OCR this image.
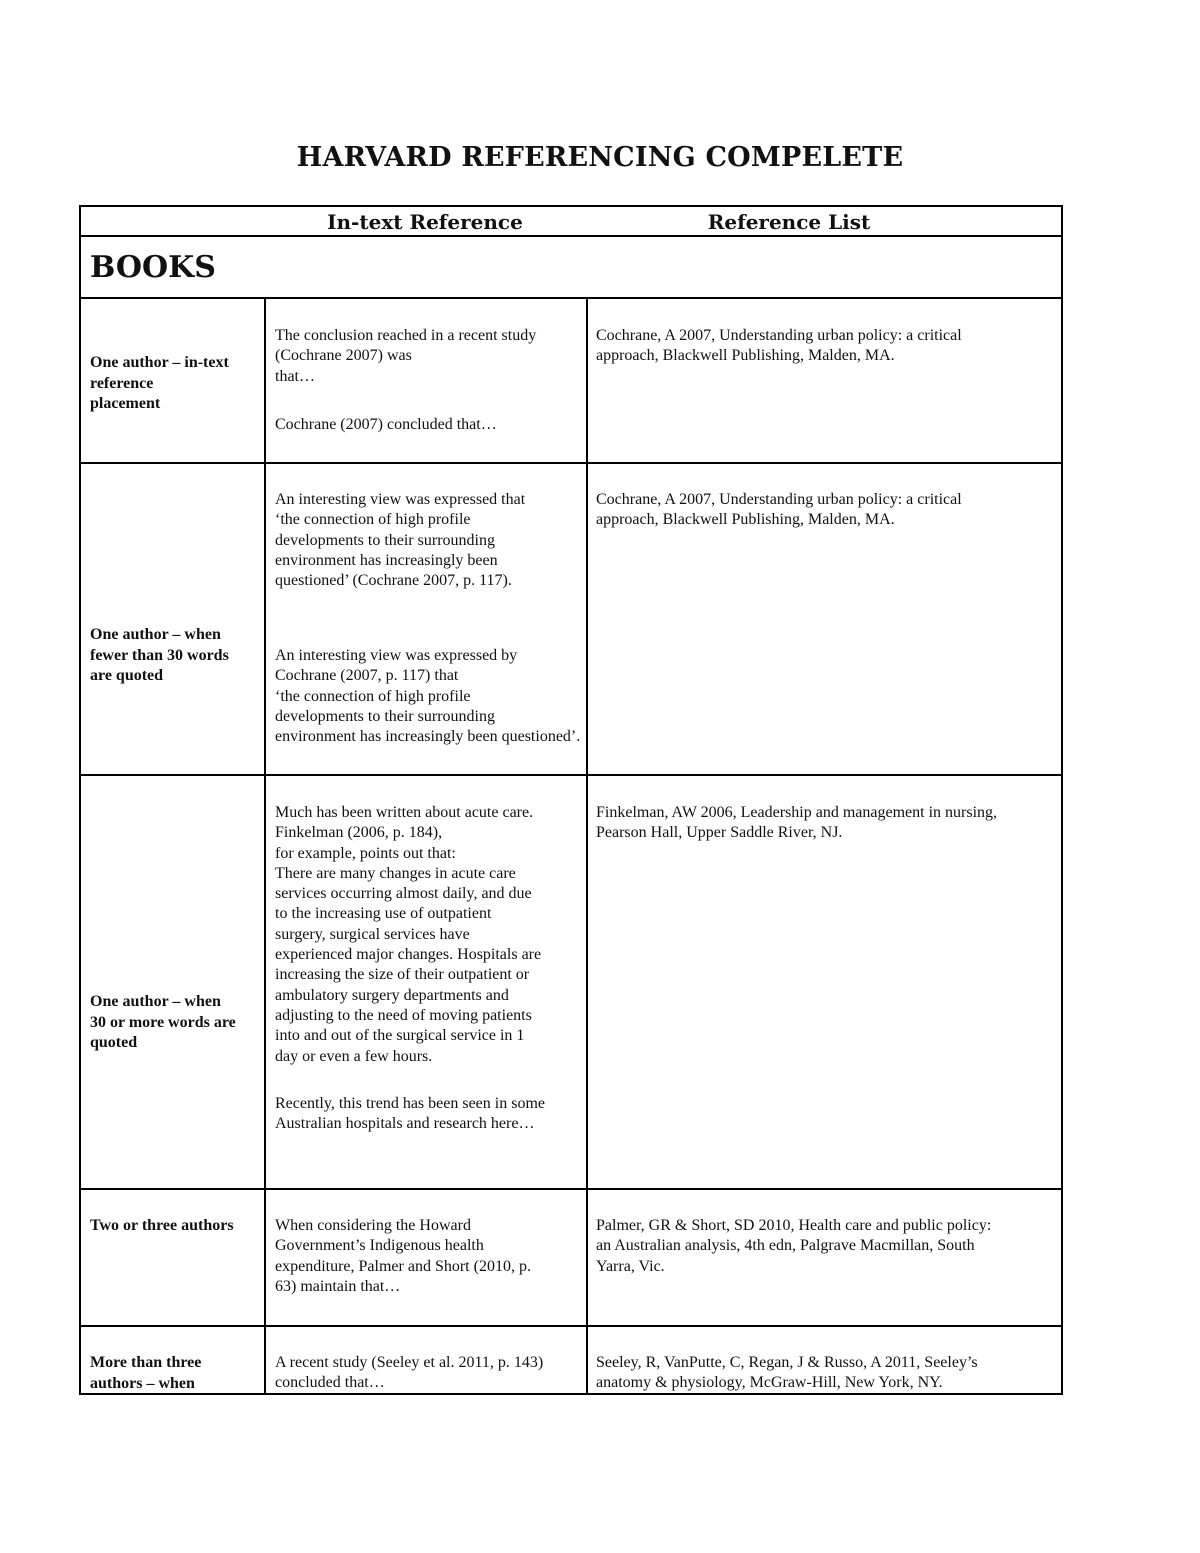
HARVARD REFERENCING COMPELETE
In-text Reference	Reference List
BOOKS
One author – in-text
reference
placement
The conclusion reached in a recent study
(Cochrane 2007) was
that…
Cochrane (2007) concluded that…
Cochrane, A 2007, Understanding urban policy: a critical
approach, Blackwell Publishing, Malden, MA.
One author – when
fewer than 30 words
are quoted
An interesting view was expressed that
‘the connection of high profile
developments to their surrounding
environment has increasingly been
questioned’ (Cochrane 2007, p. 117).
An interesting view was expressed by
Cochrane (2007, p. 117) that
‘the connection of high profile
developments to their surrounding
environment has increasingly been questioned’.
Cochrane, A 2007, Understanding urban policy: a critical
approach, Blackwell Publishing, Malden, MA.
One author – when
30 or more words are
quoted
Much has been written about acute care.
Finkelman (2006, p. 184),
for example, points out that:
There are many changes in acute care
services occurring almost daily, and due
to the increasing use of outpatient
surgery, surgical services have
experienced major changes. Hospitals are
increasing the size of their outpatient or
ambulatory surgery departments and
adjusting to the need of moving patients
into and out of the surgical service in 1
day or even a few hours.
Recently, this trend has been seen in some
Australian hospitals and research here…
Finkelman, AW 2006, Leadership and management in nursing,
Pearson Hall, Upper Saddle River, NJ.
Two or three authors	When considering the Howard
Government’s Indigenous health
expenditure, Palmer and Short (2010, p.
63) maintain that…
Palmer, GR & Short, SD 2010, Health care and public policy:
an Australian analysis, 4th edn, Palgrave Macmillan, South
Yarra, Vic.
More than three
authors – when
A recent study (Seeley et al. 2011, p. 143)
concluded that…
Seeley, R, VanPutte, C, Regan, J & Russo, A 2011, Seeley’s
anatomy & physiology, McGraw-Hill, New York, NY.
